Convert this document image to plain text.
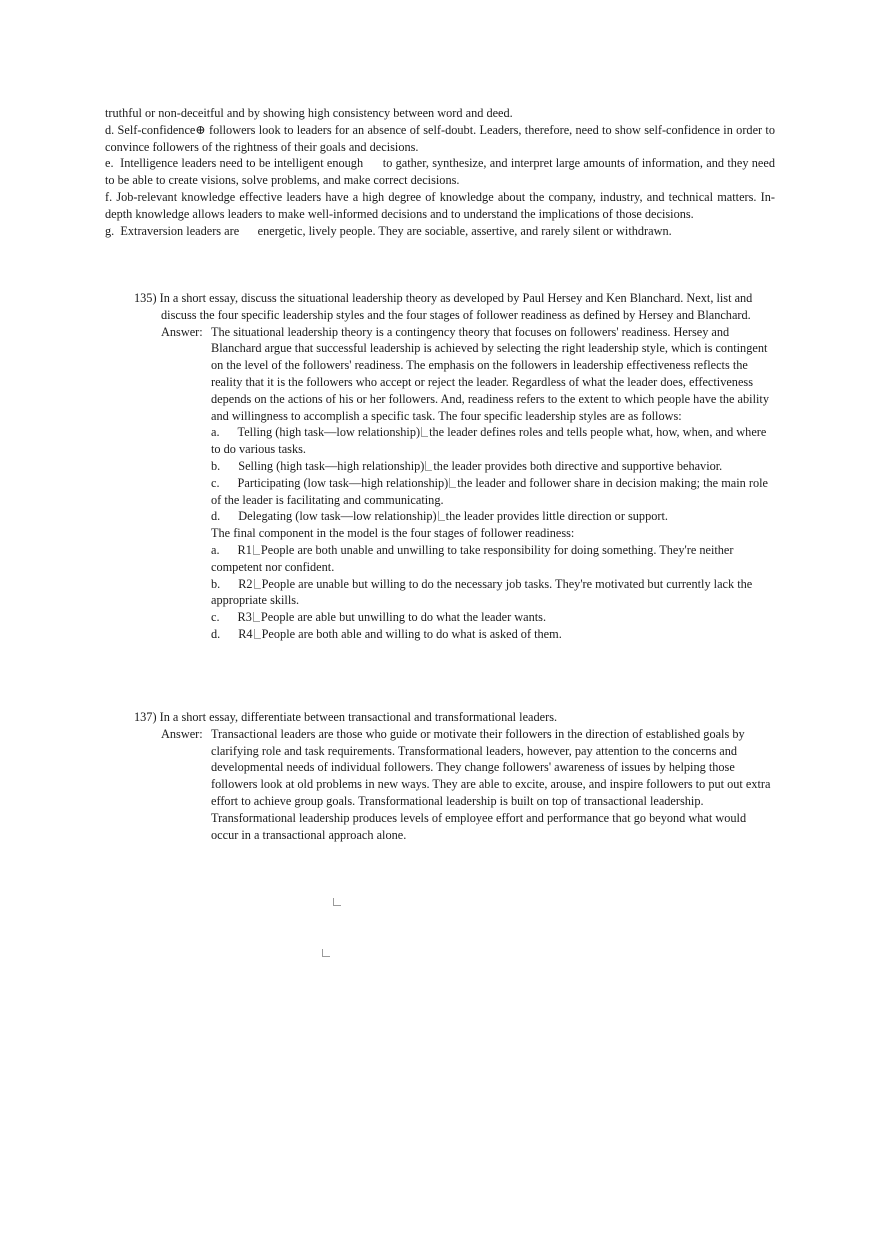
truthful or non-deceitful and by showing high consistency between word and deed.

d. Self-confidence⊕ followers look to leaders for an absence of self-doubt. Leaders, therefore, need to show self-confidence in order to convince followers of the rightness of their goals and decisions.

e.  Intelligence leaders need to be intelligent enough      to gather, synthesize, and interpret large amounts of information, and they need to be able to create visions, solve problems, and make correct decisions.

f. Job-relevant knowledge effective leaders have a high degree of knowledge about the company, industry, and technical matters. In-depth knowledge allows leaders to make well-informed decisions and to understand the implications of those decisions.

g.  Extraversion leaders are      energetic, lively people. They are sociable, assertive, and rarely silent or withdrawn.

135) In a short essay, discuss the situational leadership theory as developed by Paul Hersey and Ken Blanchard. Next, list and discuss the four specific leadership styles and the four stages of follower readiness as defined by Hersey and Blanchard.

Answer: The situational leadership theory is a contingency theory that focuses on followers' readiness. Hersey and Blanchard argue that successful leadership is achieved by selecting the right leadership style, which is contingent on the level of the followers' readiness. The emphasis on the followers in leadership effectiveness reflects the reality that it is the followers who accept or reject the leader. Regardless of what the leader does, effectiveness depends on the actions of his or her followers. And, readiness refers to the extent to which people have the ability and willingness to accomplish a specific task. The four specific leadership styles are as follows:

a. Telling (high task—low relationship) the leader defines roles and tells people what, how, when, and where to do various tasks.

b. Selling (high task—high relationship) the leader provides both directive and supportive behavior.

c. Participating (low task—high relationship) the leader and follower share in decision making; the main role of the leader is facilitating and communicating.

d. Delegating (low task—low relationship) the leader provides little direction or support.

The final component in the model is the four stages of follower readiness:

a. R1 People are both unable and unwilling to take responsibility for doing something. They're neither competent nor confident.

b. R2 People are unable but willing to do the necessary job tasks. They're motivated but currently lack the appropriate skills.

c. R3 People are able but unwilling to do what the leader wants.

d. R4 People are both able and willing to do what is asked of them.

137) In a short essay, differentiate between transactional and transformational leaders.

Answer: Transactional leaders are those who guide or motivate their followers in the direction of established goals by clarifying role and task requirements. Transformational leaders, however, pay attention to the concerns and developmental needs of individual followers. They change followers' awareness of issues by helping those followers look at old problems in new ways. They are able to excite, arouse, and inspire followers to put out extra effort to achieve group goals. Transformational leadership is built on top of transactional leadership. Transformational leadership produces levels of employee effort and performance that go beyond what would occur in a transactional approach alone.
